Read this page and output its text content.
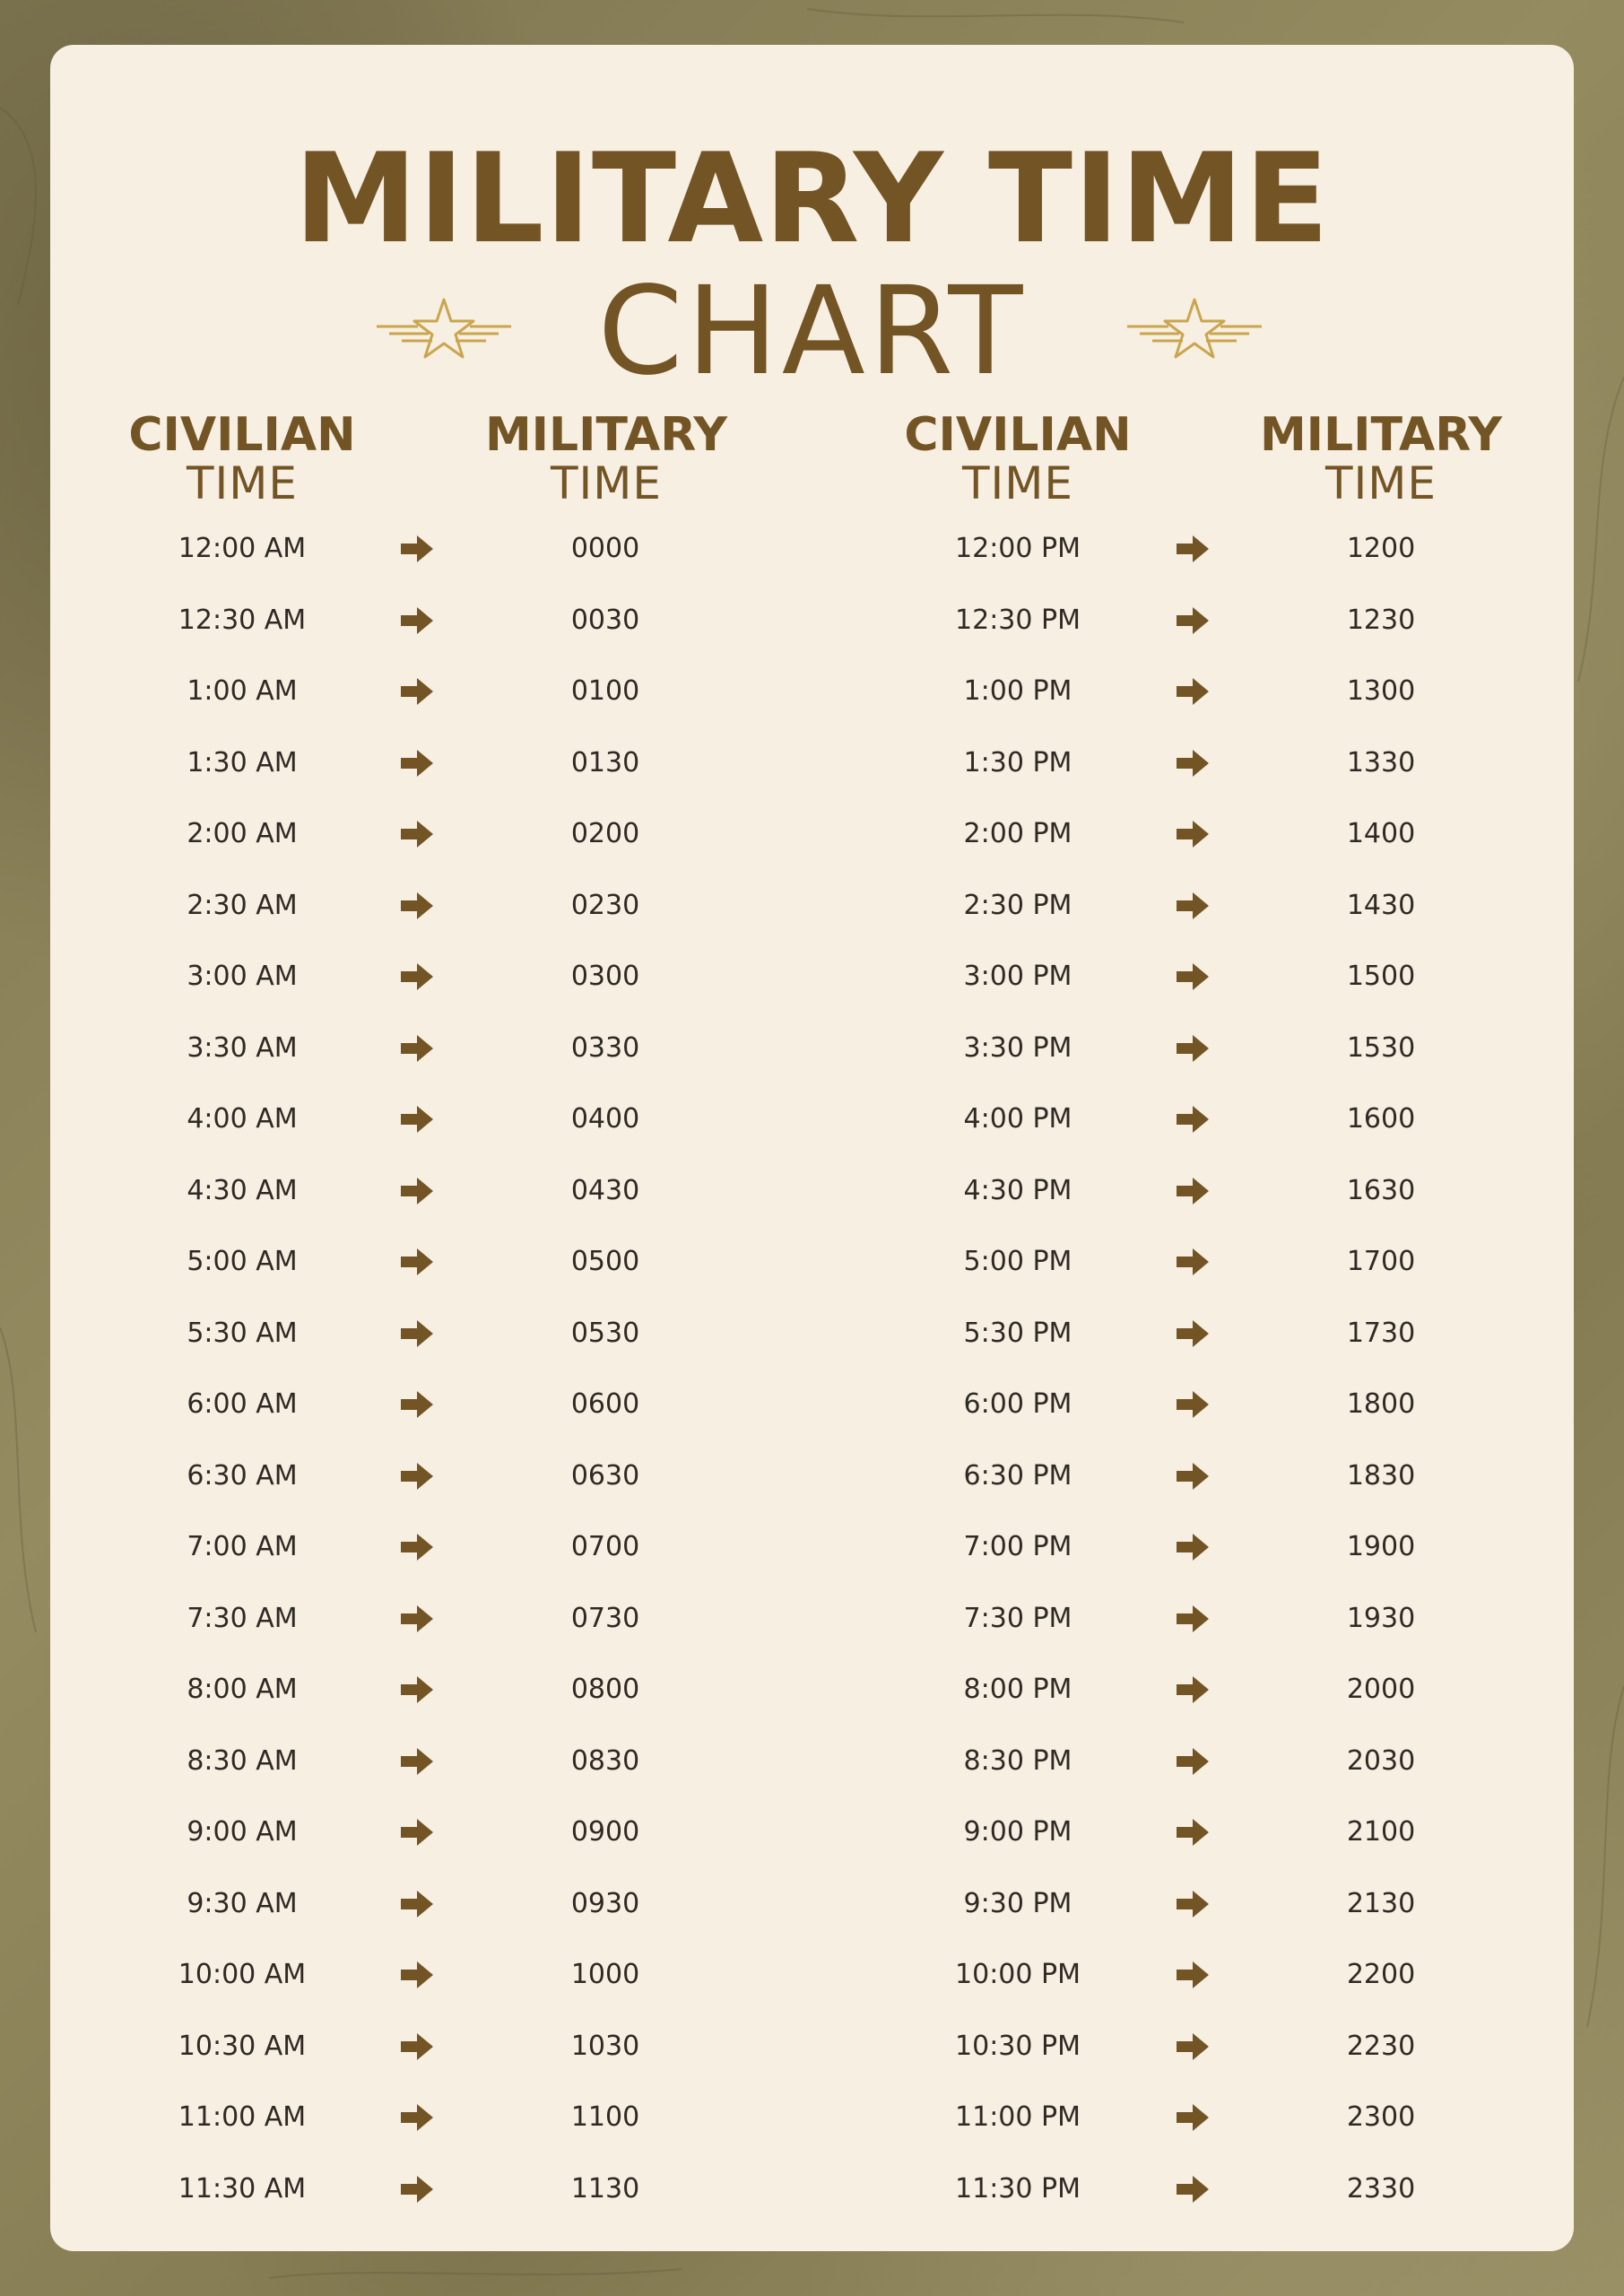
MILITARY TIME
CHART
CIVILIAN
TIME
MILITARY
TIME
CIVILIAN
TIME
MILITARY
TIME
12:00 AM	0000
12:30 AM	0030
1:00 AM	0100
1:30 AM	0130
2:00 AM	0200
2:30 AM	0230
3:00 AM	0300
3:30 AM	0330
4:00 AM	0400
4:30 AM	0430
5:00 AM	0500
5:30 AM	0530
6:00 AM	0600
6:30 AM	0630
7:00 AM	0700
7:30 AM	0730
8:00 AM	0800
8:30 AM	0830
9:00 AM	0900
9:30 AM	0930
10:00 AM	1000
10:30 AM	1030
11:00 AM	1100
11:30 AM	1130
12:00 PM	1200
12:30 PM	1230
1:00 PM	1300
1:30 PM	1330
2:00 PM	1400
2:30 PM	1430
3:00 PM	1500
3:30 PM	1530
4:00 PM	1600
4:30 PM	1630
5:00 PM	1700
5:30 PM	1730
6:00 PM	1800
6:30 PM	1830
7:00 PM	1900
7:30 PM	1930
8:00 PM	2000
8:30 PM	2030
9:00 PM	2100
9:30 PM	2130
10:00 PM	2200
10:30 PM	2230
11:00 PM	2300
11:30 PM	2330
